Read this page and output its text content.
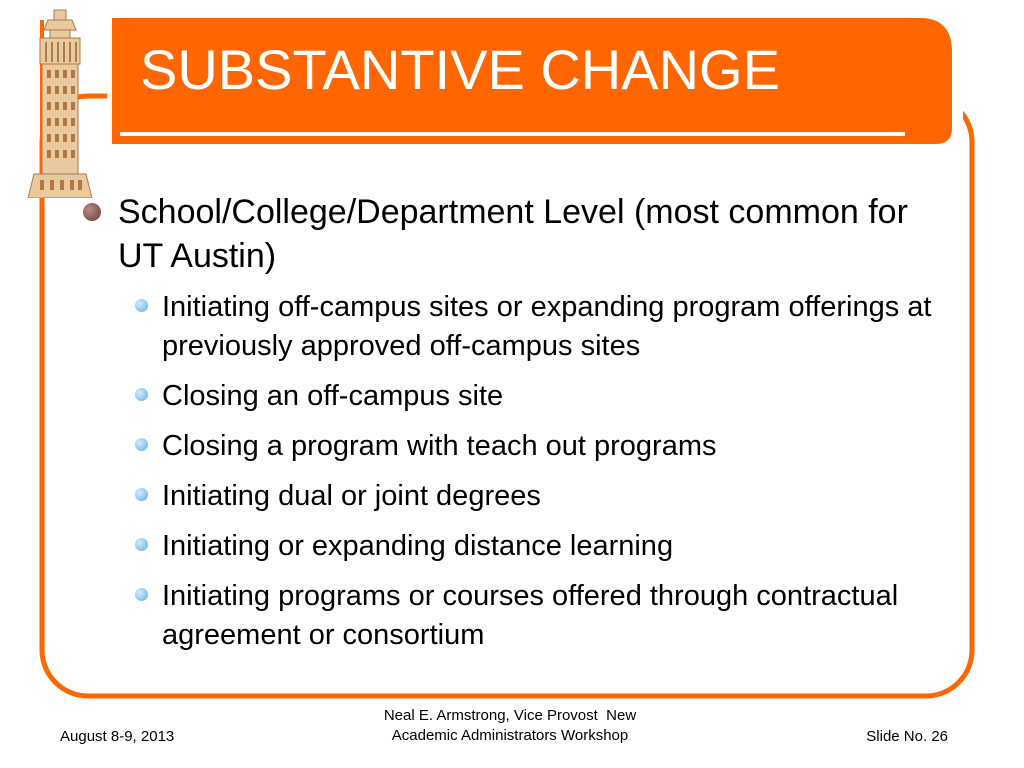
SUBSTANTIVE CHANGE
School/College/Department Level (most common for UT Austin)
Initiating off-campus sites or expanding program offerings at previously approved off-campus sites
Closing an off-campus site
Closing a program with teach out programs
Initiating dual or joint degrees
Initiating or expanding distance learning
Initiating programs or courses offered through contractual agreement or consortium
August 8-9, 2013
Neal E. Armstrong, Vice Provost  New
Academic Administrators Workshop	Slide No. 26
